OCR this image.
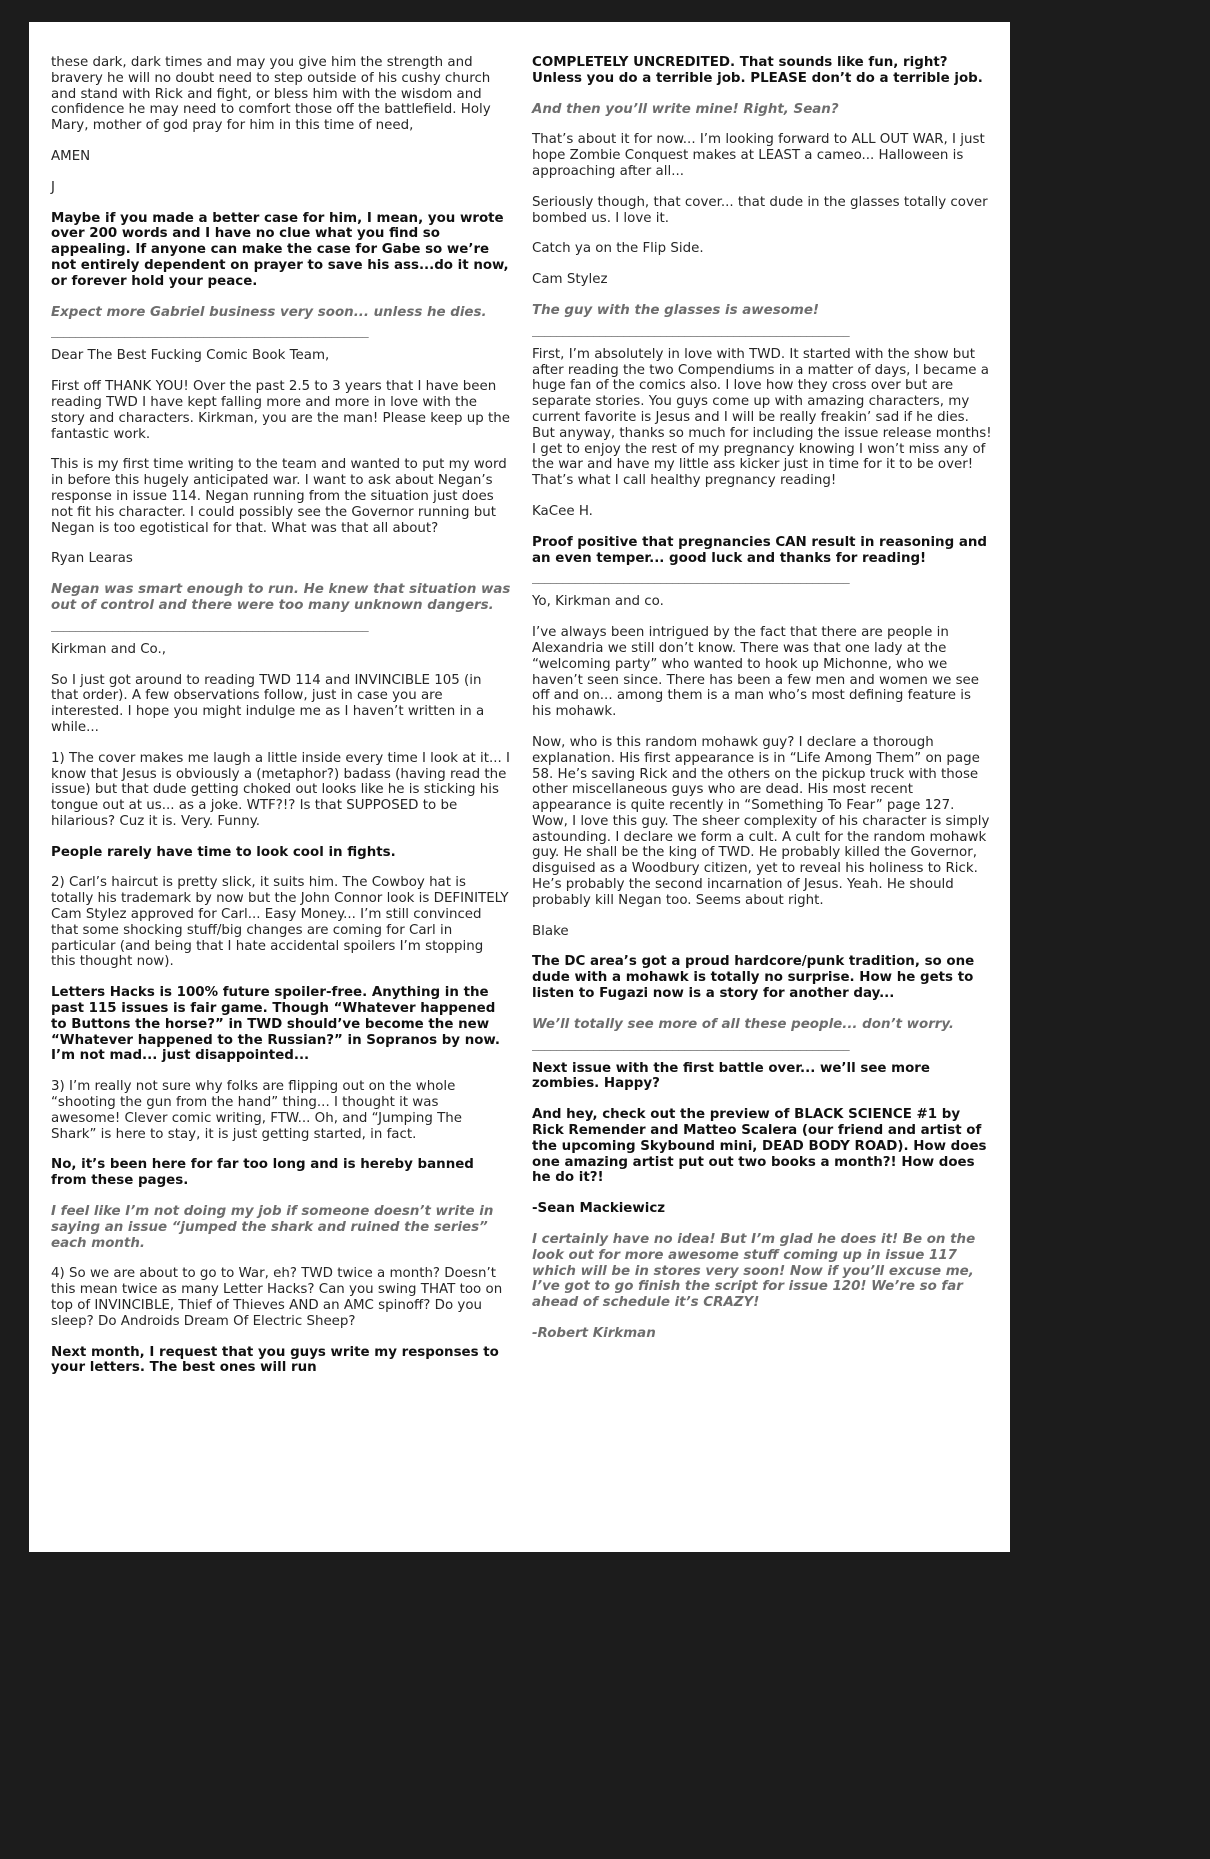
these dark, dark times and may you give him the strength and bravery he will no doubt need to step outside of his cushy church and stand with Rick and fight, or bless him with the wisdom and confidence he may need to comfort those off the battlefield. Holy Mary, mother of god pray for him in this time of need,

AMEN

J

Maybe if you made a better case for him, I mean, you wrote over 200 words and I have no clue what you find so appealing. If anyone can make the case for Gabe so we’re not entirely dependent on prayer to save his ass...do it now, or forever hold your peace.

Expect more Gabriel business very soon... unless he dies.

____________________________________________________

Dear The Best Fucking Comic Book Team,

First off THANK YOU! Over the past 2.5 to 3 years that I have been reading TWD I have kept falling more and more in love with the story and characters. Kirkman, you are the man! Please keep up the fantastic work.

This is my first time writing to the team and wanted to put my word in before this hugely anticipated war. I want to ask about Negan’s response in issue 114. Negan running from the situation just does not fit his character. I could possibly see the Governor running but Negan is too egotistical for that. What was that all about?

Ryan Learas

Negan was smart enough to run. He knew that situation was out of control and there were too many unknown dangers.

____________________________________________________

Kirkman and Co.,

So I just got around to reading TWD 114 and INVINCIBLE 105 (in that order). A few observations follow, just in case you are interested. I hope you might indulge me as I haven’t written in a while...

1) The cover makes me laugh a little inside every time I look at it... I know that Jesus is obviously a (metaphor?) badass (having read the issue) but that dude getting choked out looks like he is sticking his tongue out at us... as a joke. WTF?!? Is that SUPPOSED to be hilarious? Cuz it is. Very. Funny.

People rarely have time to look cool in fights.

2) Carl’s haircut is pretty slick, it suits him. The Cowboy hat is totally his trademark by now but the John Connor look is DEFINITELY Cam Stylez approved for Carl... Easy Money... I’m still convinced that some shocking stuff/big changes are coming for Carl in particular (and being that I hate accidental spoilers I’m stopping this thought now).

Letters Hacks is 100% future spoiler-free. Anything in the past 115 issues is fair game. Though “Whatever happened to Buttons the horse?” in TWD should’ve become the new “Whatever happened to the Russian?” in Sopranos by now. I’m not mad... just disappointed...

3) I’m really not sure why folks are flipping out on the whole “shooting the gun from the hand” thing... I thought it was awesome! Clever comic writing, FTW... Oh, and “Jumping The Shark” is here to stay, it is just getting started, in fact.

No, it’s been here for far too long and is hereby banned from these pages.

I feel like I’m not doing my job if someone doesn’t write in saying an issue “jumped the shark and ruined the series” each month.

4) So we are about to go to War, eh? TWD twice a month? Doesn’t this mean twice as many Letter Hacks? Can you swing THAT too on top of INVINCIBLE, Thief of Thieves AND an AMC spinoff? Do you sleep? Do Androids Dream Of Electric Sheep?

Next month, I request that you guys write my responses to your letters. The best ones will run

COMPLETELY UNCREDITED. That sounds like fun, right? Unless you do a terrible job. PLEASE don’t do a terrible job.

And then you’ll write mine! Right, Sean?

That’s about it for now... I’m looking forward to ALL OUT WAR, I just hope Zombie Conquest makes at LEAST a cameo... Halloween is approaching after all...

Seriously though, that cover... that dude in the glasses totally cover bombed us. I love it.

Catch ya on the Flip Side.

Cam Stylez

The guy with the glasses is awesome!

____________________________________________________

First, I’m absolutely in love with TWD. It started with the show but after reading the two Compendiums in a matter of days, I became a huge fan of the comics also. I love how they cross over but are separate stories. You guys come up with amazing characters, my current favorite is Jesus and I will be really freakin’ sad if he dies. But anyway, thanks so much for including the issue release months! I get to enjoy the rest of my pregnancy knowing I won’t miss any of the war and have my little ass kicker just in time for it to be over! That’s what I call healthy pregnancy reading!

KaCee H.

Proof positive that pregnancies CAN result in reasoning and an even temper... good luck and thanks for reading!

____________________________________________________

Yo, Kirkman and co.

I’ve always been intrigued by the fact that there are people in Alexandria we still don’t know. There was that one lady at the “welcoming party” who wanted to hook up Michonne, who we haven’t seen since. There has been a few men and women we see off and on... among them is a man who’s most defining feature is his mohawk.

Now, who is this random mohawk guy? I declare a thorough explanation. His first appearance is in “Life Among Them” on page 58. He’s saving Rick and the others on the pickup truck with those other miscellaneous guys who are dead. His most recent appearance is quite recently in “Something To Fear” page 127. Wow, I love this guy. The sheer complexity of his character is simply astounding. I declare we form a cult. A cult for the random mohawk guy. He shall be the king of TWD. He probably killed the Governor, disguised as a Woodbury citizen, yet to reveal his holiness to Rick. He’s probably the second incarnation of Jesus. Yeah. He should probably kill Negan too. Seems about right.

Blake

The DC area’s got a proud hardcore/punk tradition, so one dude with a mohawk is totally no surprise. How he gets to listen to Fugazi now is a story for another day...

We’ll totally see more of all these people... don’t worry.

____________________________________________________

Next issue with the first battle over... we’ll see more zombies. Happy?

And hey, check out the preview of BLACK SCIENCE #1 by Rick Remender and Matteo Scalera (our friend and artist of the upcoming Skybound mini, DEAD BODY ROAD). How does one amazing artist put out two books a month?! How does he do it?!

-Sean Mackiewicz

I certainly have no idea! But I’m glad he does it! Be on the look out for more awesome stuff coming up in issue 117 which will be in stores very soon! Now if you’ll excuse me, I’ve got to go finish the script for issue 120! We’re so far ahead of schedule it’s CRAZY!

-Robert Kirkman
